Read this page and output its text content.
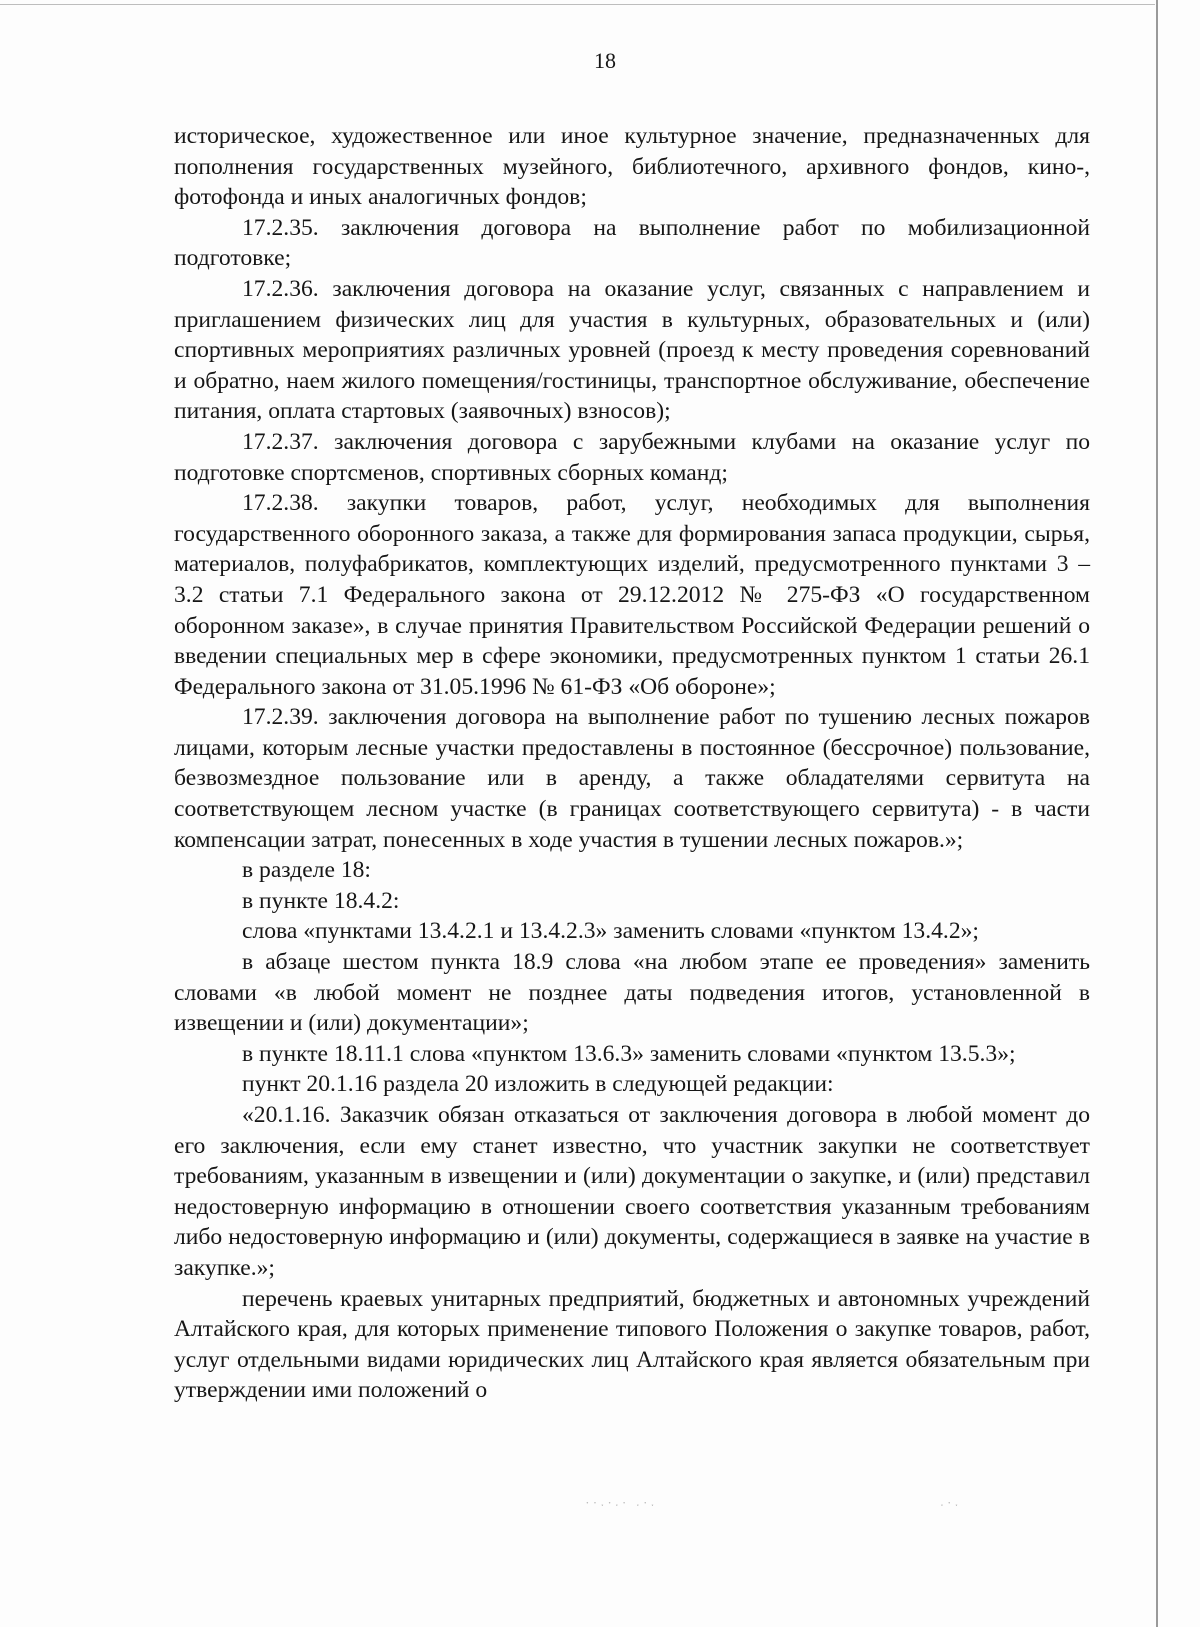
18

историческое, художественное или иное культурное значение, предназначенных для пополнения государственных музейного, библиотечного, архивного фондов, кино-, фотофонда и иных аналогичных фондов;

17.2.35. заключения договора на выполнение работ по мобилизационной подготовке;

17.2.36. заключения договора на оказание услуг, связанных с направлением и приглашением физических лиц для участия в культурных, образовательных и (или) спортивных мероприятиях различных уровней (проезд к месту проведения соревнований и обратно, наем жилого помещения/гостиницы, транспортное обслуживание, обеспечение питания, оплата стартовых (заявочных) взносов);

17.2.37. заключения договора с зарубежными клубами на оказание услуг по подготовке спортсменов, спортивных сборных команд;

17.2.38. закупки товаров, работ, услуг, необходимых для выполнения государственного оборонного заказа, а также для формирования запаса продукции, сырья, материалов, полуфабрикатов, комплектующих изделий, предусмотренного пунктами 3 – 3.2 статьи 7.1 Федерального закона от 29.12.2012 № 275-ФЗ «О государственном оборонном заказе», в случае принятия Правительством Российской Федерации решений о введении специальных мер в сфере экономики, предусмотренных пунктом 1 статьи 26.1 Федерального закона от 31.05.1996 № 61-ФЗ «Об обороне»;

17.2.39. заключения договора на выполнение работ по тушению лесных пожаров лицами, которым лесные участки предоставлены в постоянное (бессрочное) пользование, безвозмездное пользование или в аренду, а также обладателями сервитута на соответствующем лесном участке (в границах соответствующего сервитута) - в части компенсации затрат, понесенных в ходе участия в тушении лесных пожаров.»;

в разделе 18:

в пункте 18.4.2:

слова «пунктами 13.4.2.1 и 13.4.2.3» заменить словами «пунктом 13.4.2»;

в абзаце шестом пункта 18.9 слова «на любом этапе ее проведения» заменить словами «в любой момент не позднее даты подведения итогов, установленной в извещении и (или) документации»;

в пункте 18.11.1 слова «пунктом 13.6.3» заменить словами «пунктом 13.5.3»;

пункт 20.1.16 раздела 20 изложить в следующей редакции:

«20.1.16. Заказчик обязан отказаться от заключения договора в любой момент до его заключения, если ему станет известно, что участник закупки не соответствует требованиям, указанным в извещении и (или) документации о закупке, и (или) представил недостоверную информацию в отношении своего соответствия указанным требованиям либо недостоверную информацию и (или) документы, содержащиеся в заявке на участие в закупке.»;

перечень краевых унитарных предприятий, бюджетных и автономных учреждений Алтайского края, для которых применение типового Положения о закупке товаров, работ, услуг отдельными видами юридических лиц Алтайского края является обязательным при утверждении ими положений о

˙˙ˑ˙ˑ˙ ˑ˙ˑ	ˑ˙ˑ
